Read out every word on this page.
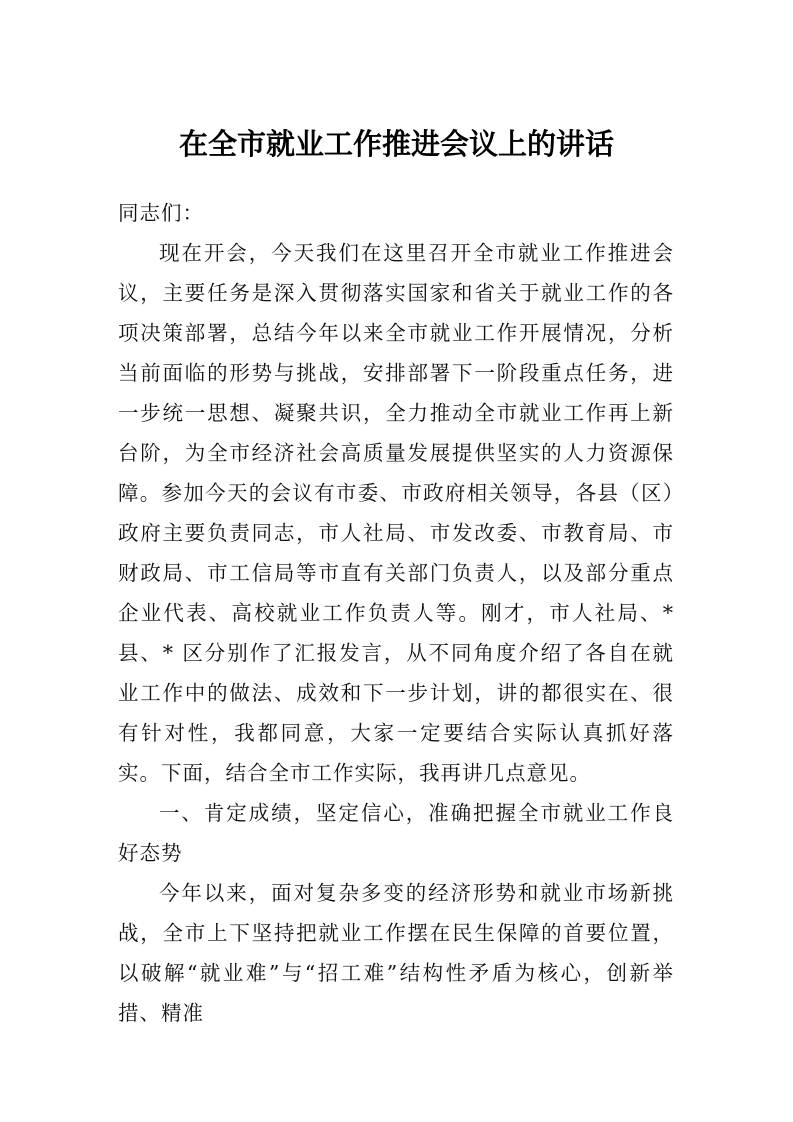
在全市就业工作推进会议上的讲话

同志们：

现在开会，今天我们在这里召开全市就业工作推进会议，主要任务是深入贯彻落实国家和省关于就业工作的各项决策部署，总结今年以来全市就业工作开展情况，分析当前面临的形势与挑战，安排部署下一阶段重点任务，进一步统一思想、凝聚共识，全力推动全市就业工作再上新台阶，为全市经济社会高质量发展提供坚实的人力资源保障。参加今天的会议有市委、市政府相关领导，各县（区）政府主要负责同志，市人社局、市发改委、市教育局、市财政局、市工信局等市直有关部门负责人，以及部分重点企业代表、高校就业工作负责人等。刚才，市人社局、* 县、* 区分别作了汇报发言，从不同角度介绍了各自在就业工作中的做法、成效和下一步计划，讲的都很实在、很有针对性，我都同意，大家一定要结合实际认真抓好落实。下面，结合全市工作实际，我再讲几点意见。

一、肯定成绩，坚定信心，准确把握全市就业工作良好态势

今年以来，面对复杂多变的经济形势和就业市场新挑战，全市上下坚持把就业工作摆在民生保障的首要位置，以破解“就业难”与“招工难”结构性矛盾为核心，创新举措、精准
